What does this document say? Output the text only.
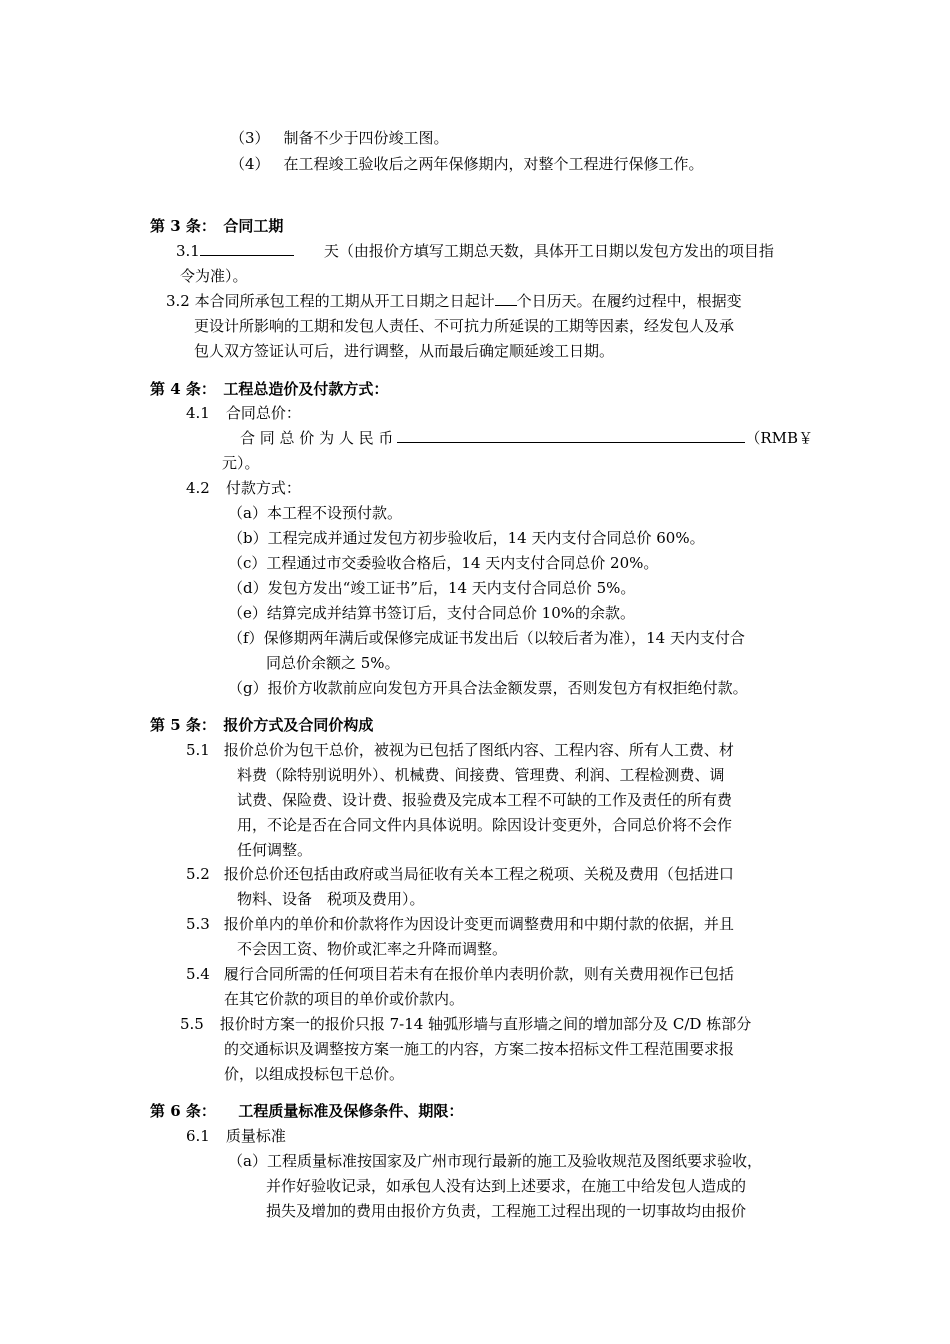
（3） 制备不少于四份竣工图。
（4） 在工程竣工验收后之两年保修期内，对整个工程进行保修工作。
第 3 条：　合同工期
3.1	天（由报价方填写工期总天数，具体开工日期以发包方发出的项目指
令为准）。
3.2 本合同所承包工程的工期从开工日期之日起计 个日历天。在履约过程中，根据变
更设计所影响的工期和发包人责任、不可抗力所延误的工期等因素，经发包人及承
包人双方签证认可后，进行调整，从而最后确定顺延竣工日期。
第 4 条：　工程总造价及付款方式：
4.1 合同总价：
合 同 总 价 为 人 民 币	（RMB￥
元）。
4.2 付款方式：
（a）本工程不设预付款。
（b）工程完成并通过发包方初步验收后，14 天内支付合同总价 60%。
（c）工程通过市交委验收合格后，14 天内支付合同总价 20%。
（d）发包方发出“竣工证书”后，14 天内支付合同总价 5%。
（e）结算完成并结算书签订后，支付合同总价 10%的余款。
（f）保修期两年满后或保修完成证书发出后（以较后者为准），14 天内支付合
同总价余额之 5%。
（g）报价方收款前应向发包方开具合法金额发票，否则发包方有权拒绝付款。
第 5 条：　报价方式及合同价构成
5.1 报价总价为包干总价，被视为已包括了图纸内容、工程内容、所有人工费、材
料费（除特别说明外）、机械费、间接费、管理费、利润、工程检测费、调
试费、保险费、设计费、报验费及完成本工程不可缺的工作及责任的所有费
用，不论是否在合同文件内具体说明。除因设计变更外，合同总价将不会作
任何调整。
5.2 报价总价还包括由政府或当局征收有关本工程之税项、关税及费用（包括进口
物料、设备　税项及费用）。
5.3 报价单内的单价和价款将作为因设计变更而调整费用和中期付款的依据，并且
不会因工资、物价或汇率之升降而调整。
5.4 履行合同所需的任何项目若未有在报价单内表明价款，则有关费用视作已包括
在其它价款的项目的单价或价款内。
5.5 报价时方案一的报价只报 7-14 轴弧形墙与直形墙之间的增加部分及 C/D 栋部分
的交通标识及调整按方案一施工的内容，方案二按本招标文件工程范围要求报
价，以组成投标包干总价。
第 6 条：　　工程质量标准及保修条件、期限：
6.1 质量标准
（a）工程质量标准按国家及广州市现行最新的施工及验收规范及图纸要求验收，
并作好验收记录，如承包人没有达到上述要求，在施工中给发包人造成的
损失及增加的费用由报价方负责，工程施工过程出现的一切事故均由报价
